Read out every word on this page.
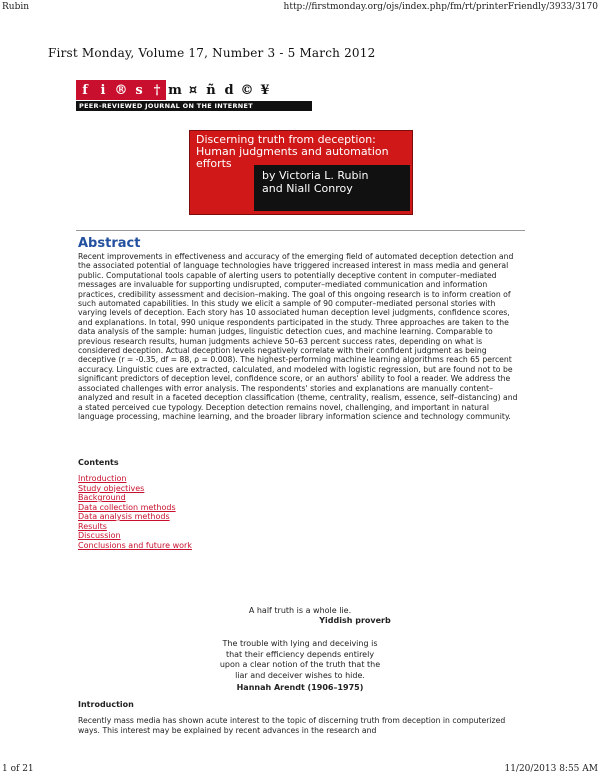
Rubin	http://firstmonday.org/ojs/index.php/fm/rt/printerFriendly/3933/3170
First Monday, Volume 17, Number 3 - 5 March 2012
f i ® s † m ¤ ñ d © ¥
PEER-REVIEWED JOURNAL ON THE INTERNET
Discerning truth from deception:
Human judgments and automation
efforts
by Victoria L. Rubin
and Niall Conroy
Abstract

Recent improvements in effectiveness and accuracy of the emerging field of automated deception detection and the associated potential of language technologies have triggered increased interest in mass media and general public. Computational tools capable of alerting users to potentially deceptive content in computer–mediated messages are invaluable for supporting undisrupted, computer–mediated communication and information practices, credibility assessment and decision–making. The goal of this ongoing research is to inform creation of such automated capabilities. In this study we elicit a sample of 90 computer–mediated personal stories with varying levels of deception. Each story has 10 associated human deception level judgments, confidence scores, and explanations. In total, 990 unique respondents participated in the study. Three approaches are taken to the data analysis of the sample: human judges, linguistic detection cues, and machine learning. Comparable to previous research results, human judgments achieve 50–63 percent success rates, depending on what is considered deception. Actual deception levels negatively correlate with their confident judgment as being deceptive (r = -0.35, df = 88, ρ = 0.008). The highest-performing machine learning algorithms reach 65 percent accuracy. Linguistic cues are extracted, calculated, and modeled with logistic regression, but are found not to be significant predictors of deception level, confidence score, or an authors' ability to fool a reader. We address the associated challenges with error analysis. The respondents' stories and explanations are manually content–analyzed and result in a faceted deception classification (theme, centrality, realism, essence, self–distancing) and a stated perceived cue typology. Deception detection remains novel, challenging, and important in natural language processing, machine learning, and the broader library information science and technology community.

Contents
Introduction
Study objectives
Background
Data collection methods
Data analysis methods
Results
Discussion
Conclusions and future work
A half truth is a whole lie.
Yiddish proverb
The trouble with lying and deceiving is
that their efficiency depends entirely
upon a clear notion of the truth that the
liar and deceiver wishes to hide.
Hannah Arendt (1906–1975)
Introduction

Recently mass media has shown acute interest to the topic of discerning truth from deception in computerized ways. This interest may be explained by recent advances in the research and

1 of 21	11/20/2013 8:55 AM
